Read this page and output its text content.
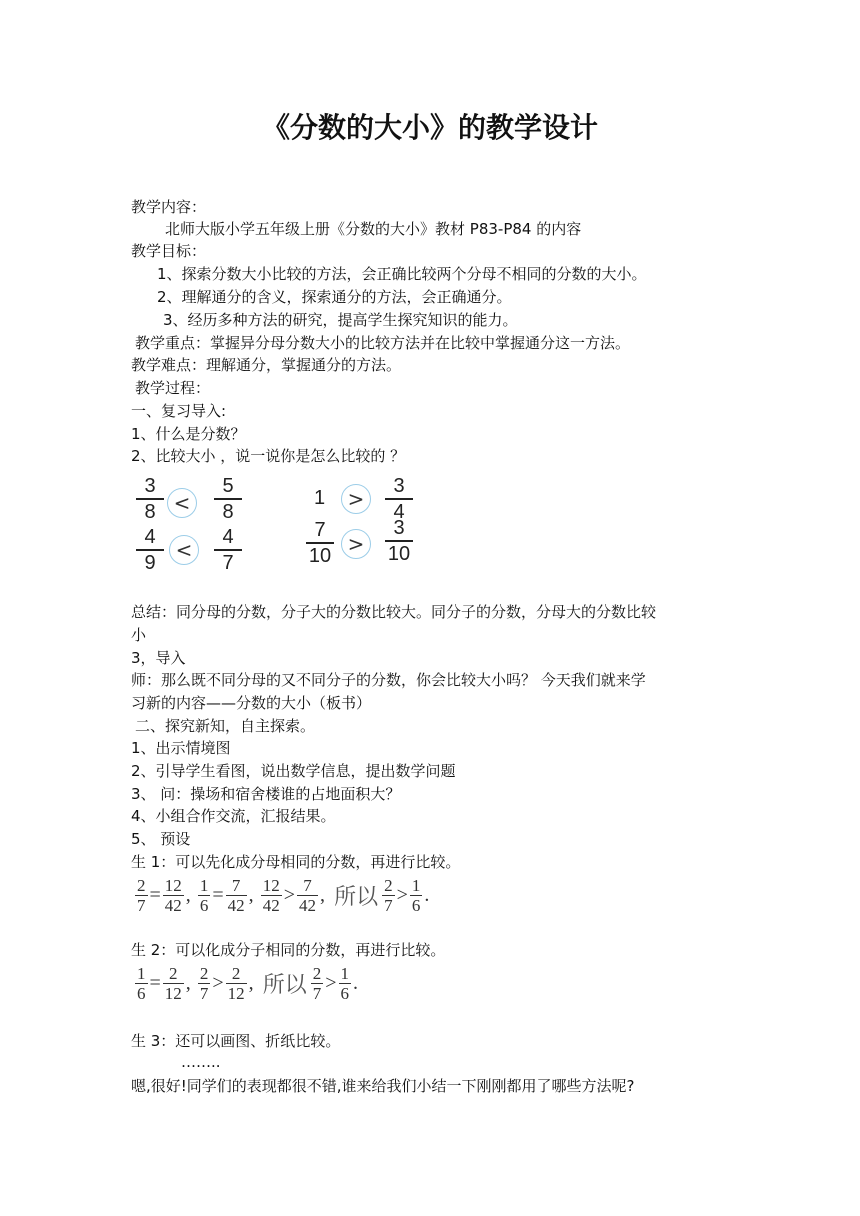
《分数的大小》的教学设计
教学内容：
北师大版小学五年级上册《分数的大小》教材 P83-P84 的内容
教学目标：
1、探索分数大小比较的方法，会正确比较两个分母不相同的分数的大小。
2、理解通分的含义，探索通分的方法，会正确通分。
3、经历多种方法的研究，提高学生探究知识的能力。
教学重点：掌握异分母分数大小的比较方法并在比较中掌握通分这一方法。
教学难点：理解通分，掌握通分的方法。
教学过程：
一、复习导入:
1、什么是分数？
2、比较大小 ，说一说你是怎么比较的 ？
3
8 <
5
8
1	>
3
4
4
9
<
4
7
7
10 >
3
10
总结：同分母的分数，分子大的分数比较大。同分子的分数，分母大的分数比较
小
3，导入
师：那么既不同分母的又不同分子的分数，你会比较大小吗？ 今天我们就来学
习新的内容——分数的大小（板书）
二、探究新知，自主探索。
1、出示情境图
2、引导学生看图，说出数学信息，提出数学问题
3、 问：操场和宿舍楼谁的占地面积大？
4、小组合作交流，汇报结果。
5、 预设
生 1：可以先化成分母相同的分数，再进行比较。
$\frac{2}{7} = \frac{12}{42}$ , $\frac{1}{6} = \frac{7}{42}$ , $\frac{12}{42} > \frac{7}{42}$ , 所以 $\frac{2}{7} > \frac{1}{6}$ .
生 2：可以化成分子相同的分数，再进行比较。
$\frac{1}{6} = \frac{2}{12}$ , $\frac{2}{7} > \frac{2}{12}$ , 所以 $\frac{2}{7} > \frac{1}{6}$ .
生 3：还可以画图、折纸比较。
……..
嗯,很好!同学们的表现都很不错,谁来给我们小结一下刚刚都用了哪些方法呢?
